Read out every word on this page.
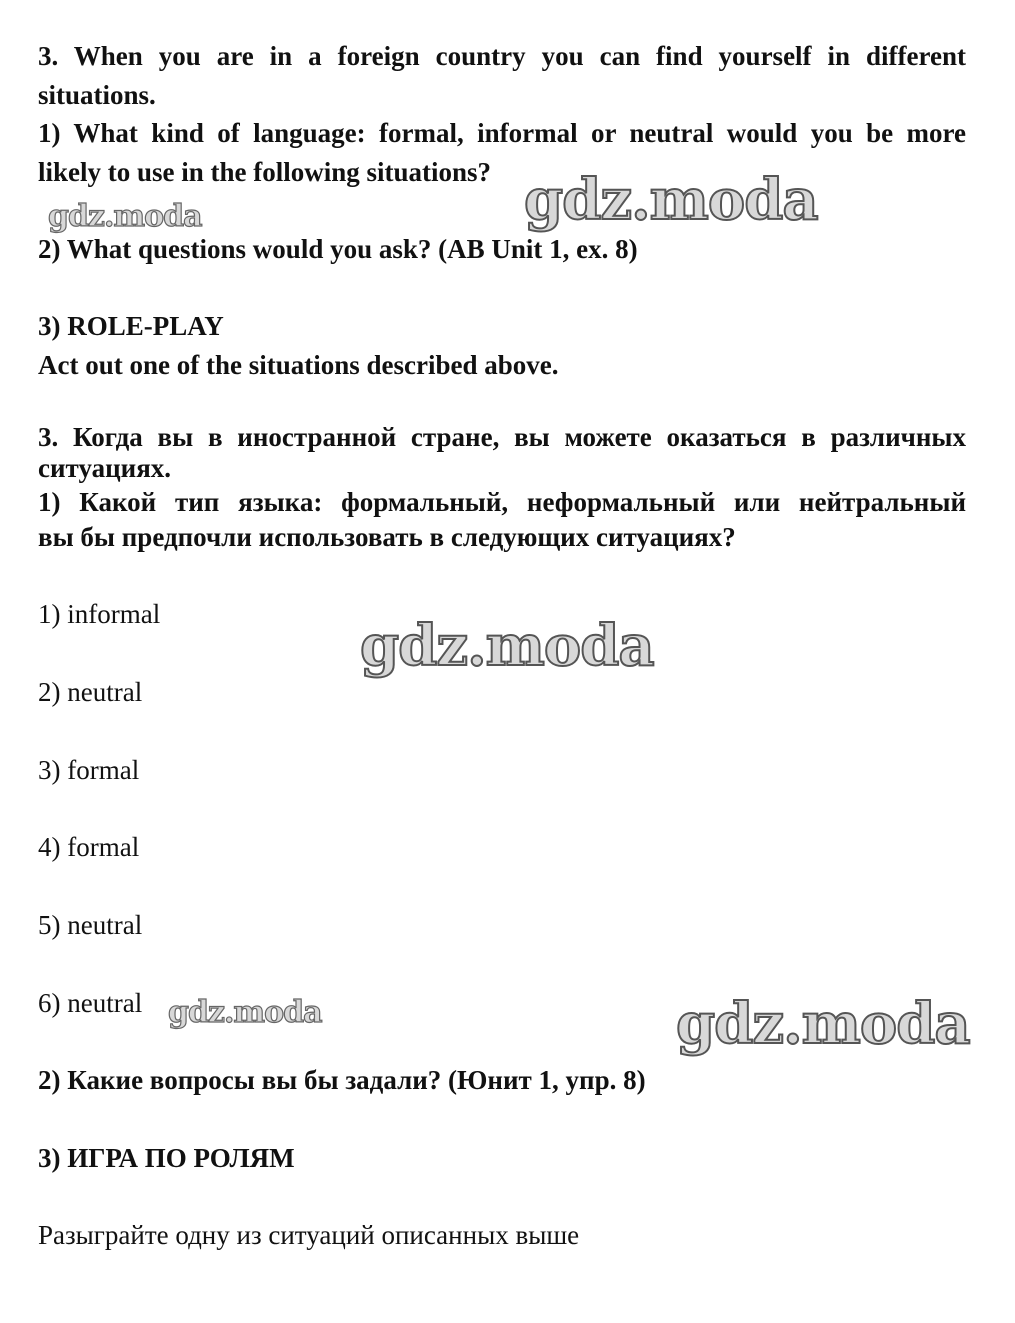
3. When you are in a foreign country you can find yourself in different
situations.
1) What kind of language: formal, informal or neutral would you be more
likely to use in the following situations?
2) What questions would you ask? (AB Unit 1, ex. 8)
3) ROLE-PLAY
Act out one of the situations described above.
3. Когда вы в иностранной стране, вы можете оказаться в различных
ситуациях.
1) Какой тип языка: формальный, неформальный или нейтральный
вы бы предпочли использовать в следующих ситуациях?
1) informal
2) neutral
3) formal
4) formal
5) neutral
6) neutral
2) Какие вопросы вы бы задали? (Юнит 1, упр. 8)
3) ИГРА ПО РОЛЯМ
Разыграйте одну из ситуаций описанных выше
gdz.moda	gdz.moda
gdz.moda
gdz.moda	gdz.moda
